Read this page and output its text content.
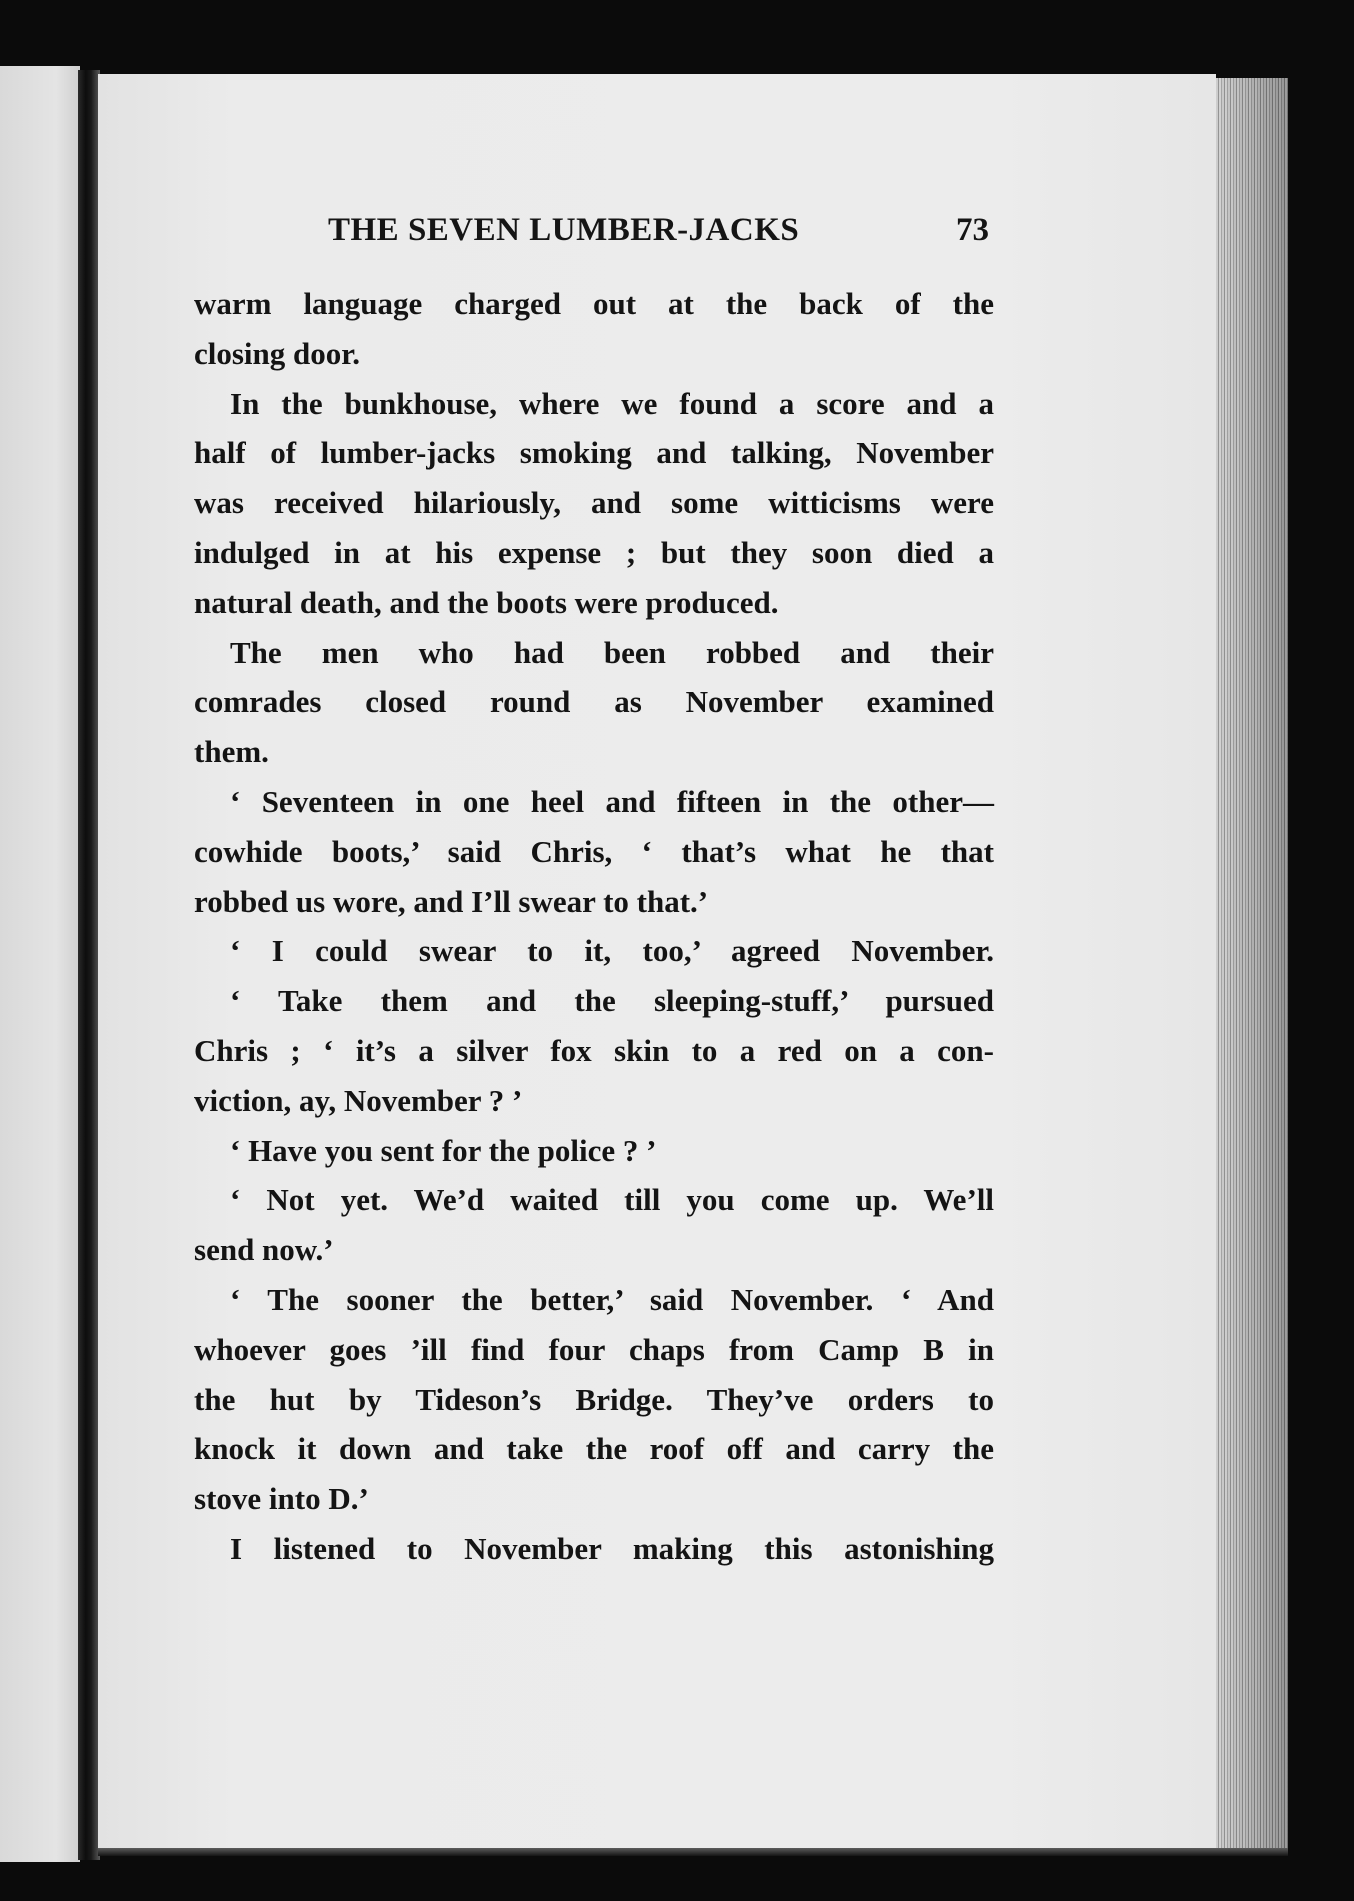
THE SEVEN LUMBER-JACKS	73
warm language charged out at the back of the
closing door.
In the bunkhouse, where we found a score and a
half of lumber-jacks smoking and talking, November
was received hilariously, and some witticisms were
indulged in at his expense ; but they soon died a
natural death, and the boots were produced.
The men who had been robbed and their
comrades closed round as November examined
them.
‘ Seventeen in one heel and fifteen in the other—
cowhide boots,’ said Chris, ‘ that’s what he that
robbed us wore, and I’ll swear to that.’
‘ I could swear to it, too,’ agreed November.
‘ Take them and the sleeping-stuff,’ pursued
Chris ; ‘ it’s a silver fox skin to a red on a con-
viction, ay, November ? ’
‘ Have you sent for the police ? ’
‘ Not yet. We’d waited till you come up. We’ll
send now.’
‘ The sooner the better,’ said November. ‘ And
whoever goes ’ill find four chaps from Camp B in
the hut by Tideson’s Bridge. They’ve orders to
knock it down and take the roof off and carry the
stove into D.’
I listened to November making this astonishing
